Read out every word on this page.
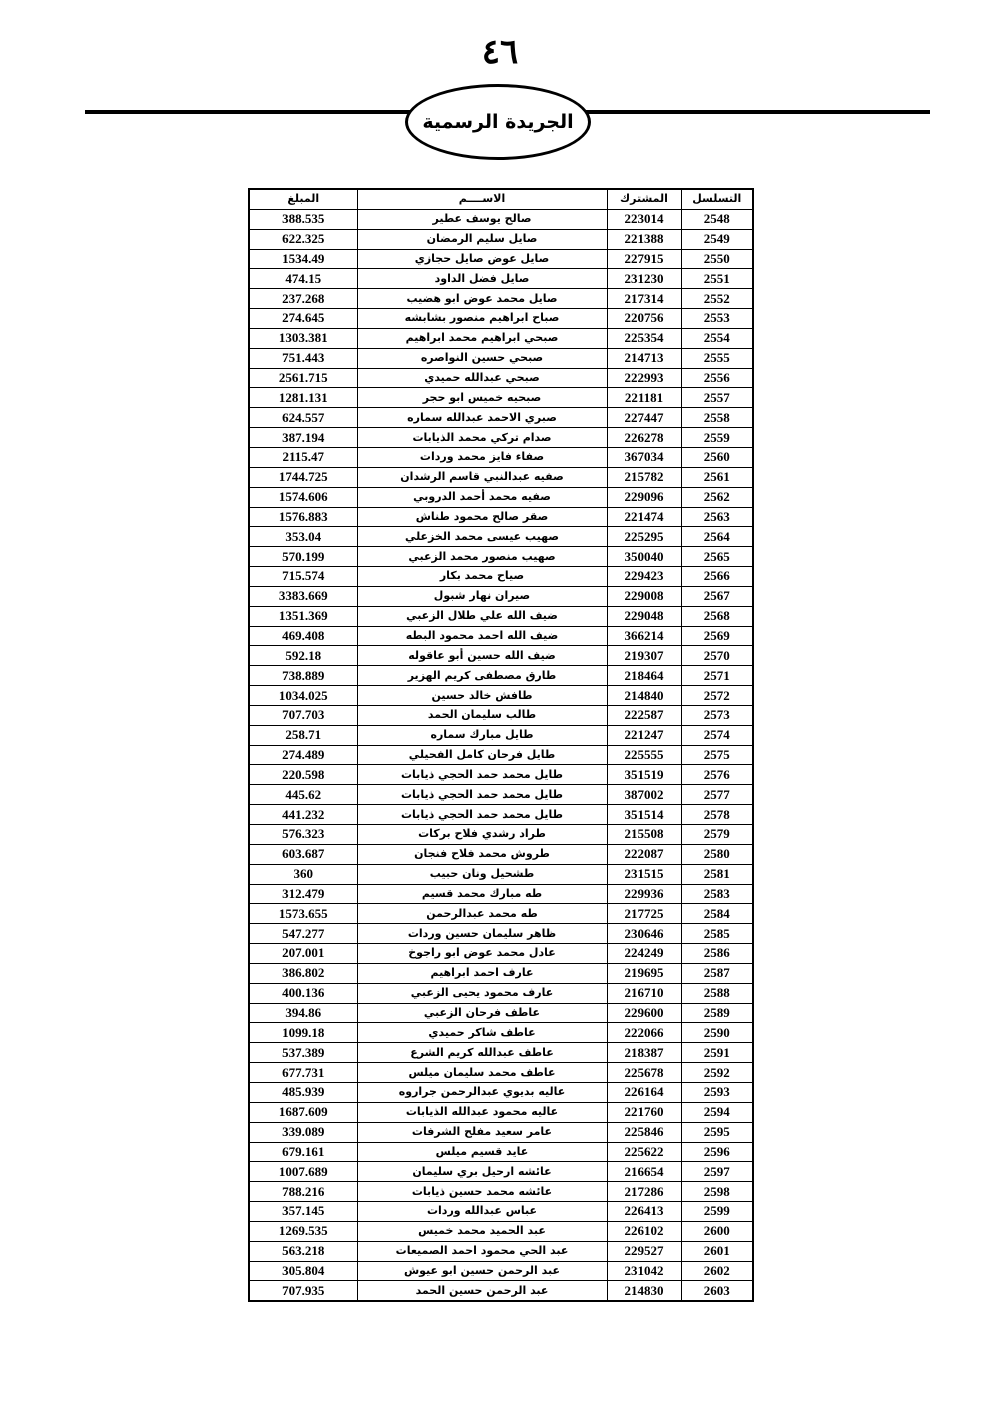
٤٦
الجريدة الرسمية
التسلسل	المشترك	الاســــم	المبلغ
2548	223014	صالح يوسف عطير	388.535
2549	221388	صايل سليم الرمضان	622.325
2550	227915	صايل عوض صايل حجازي	1534.49
2551	231230	صايل فضل الداود	474.15
2552	217314	صايل محمد عوض ابو هضيب	237.268
2553	220756	صباح ابراهيم منصور بشابشه	274.645
2554	225354	صبحي ابراهيم محمد ابراهيم	1303.381
2555	214713	صبحي حسين النواصره	751.443
2556	222993	صبحي عبدالله حميدي	2561.715
2557	221181	صبحيه خميس ابو حجر	1281.131
2558	227447	صبري الاحمد عبدالله سماره	624.557
2559	226278	صدام تركي محمد الذيابات	387.194
2560	367034	صفاء فايز محمد وردات	2115.47
2561	215782	صفيه عبدالنبي قاسم الرشدان	1744.725
2562	229096	صفيه محمد أحمد الدروبي	1574.606
2563	221474	صقر صالح محمود طناش	1576.883
2564	225295	صهيب عيسى محمد الخزعلي	353.04
2565	350040	صهيب منصور محمد الزعبي	570.199
2566	229423	صياح محمد بكار	715.574
2567	229008	صيران نهار شبول	3383.669
2568	229048	ضيف الله علي طلال الزعبي	1351.369
2569	366214	ضيف الله احمد محمود البطه	469.408
2570	219307	ضيف الله حسين أبو عاقوله	592.18
2571	218464	طارق مصطفى كريم الهزير	738.889
2572	214840	طافش خالد حسين	1034.025
2573	222587	طالب سليمان الحمد	707.703
2574	221247	طايل مبارك سماره	258.71
2575	225555	طايل فرحان كامل الفحيلي	274.489
2576	351519	طايل محمد حمد الحجي ذيابات	220.598
2577	387002	طايل محمد حمد الحجي ذيابات	445.62
2578	351514	طايل محمد حمد الحجي ذيابات	441.232
2579	215508	طراد رشدي فلاح بركات	576.323
2580	222087	طروش محمد فلاح فنجان	603.687
2581	231515	طشحيل ونان حبيب	360
2583	229936	طه مبارك محمد قسيم	312.479
2584	217725	طه محمد عبدالرحمن	1573.655
2585	230646	ظاهر سليمان حسين وردات	547.277
2586	224249	عادل محمد عوض ابو راجوخ	207.001
2587	219695	عارف احمد ابراهيم	386.802
2588	216710	عارف محمود يحيى الزعبي	400.136
2589	229600	عاطف فرحان الزعبي	394.86
2590	222066	عاطف شاكر حميدي	1099.18
2591	218387	عاطف عبدالله كريم الشرع	537.389
2592	225678	عاطف محمد سليمان ميلس	677.731
2593	226164	عاليه بديوي عبدالرحمن جراروه	485.939
2594	221760	عاليه محمود عبدالله الذيابات	1687.609
2595	225846	عامر سعيد مفلح الشرفات	339.089
2596	225622	عايد قسيم ميلس	679.161
2597	216654	عائشه ارحيل بري سليمان	1007.689
2598	217286	عائشه محمد حسين ذيابات	788.216
2599	226413	عباس عبدالله وردات	357.145
2600	226102	عبد الحميد محمد خميس	1269.535
2601	229527	عبد الحي محمود احمد الصميعات	563.218
2602	231042	عبد الرحمن حسين ابو عيوش	305.804
2603	214830	عبد الرحمن حسين الحمد	707.935
